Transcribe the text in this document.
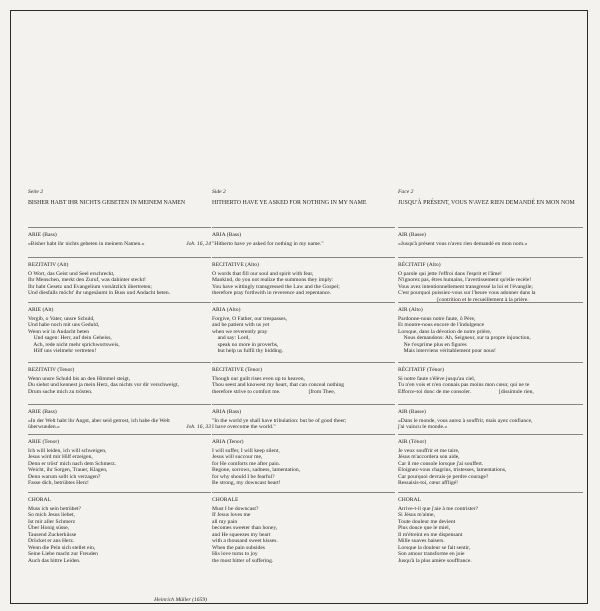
Seite 2

BISHER HABT IHR NICHTS GEBETEN IN MEINEM NAMEN

ARIE (Bass)

Joh. 16, 24
«Bisher habt ihr nichts gebeten in meinem Namen.»

REZITATIV (Alt)

O Wort, das Geist und Seel erschreckt,

Ihr Menschen, merkt den Zuruf, was dahinter steckt!

Ihr habt Gesetz und Evangelium vorsätzlich übertreten;

Und diesfalls möcht' ihr ungesäumt in Buss und Andacht beten.

ARIE (Alt)

Vergib, o Vater, unsre Schuld,

Und habe noch mit uns Geduld,

Wenn wir in Andacht beten

Und sagen: Herr, auf dein Geheiss,

Ach, rede nicht mehr sprichwortsweis,

Hilf uns vielmehr vertreten!

REZITATIV (Tenor)

Wenn unsre Schuld bis an den Himmel steigt,

Du siehst und kennest ja mein Herz, das nichts vor dir verschweigt,

Drum suche mich zu trösten.

ARIE (Bass)

«In der Welt habt ihr Angst, aber seid getrost, ich habe die Welt

Joh. 16, 33
überwunden.»

ARIE (Tenor)

Ich will leiden, ich will schweigen,

Jesus wird mir Hilf erzeigen,

Denn er tröst' mich nach dem Schmerz.

Weicht, ihr Sorgen, Trauer, Klagen,

Denn warum sollt ich verzagen?

Fasse dich, betrübtes Herz!

CHORAL

Muss ich sein betrübet?

So mich Jesus liebet,

Ist mir aller Schmerz

Über Honig süsse,

Tausend Zuckerküsse

Drücket er ans Herz.

Wenn die Pein sich stellet ein,

Seine Liebe macht zur Freuden

Auch das bittre Leiden.

Heinrich Müller (1659)

Side 2

HITHERTO HAVE YE ASKED FOR NOTHING IN MY NAME

ARIA (Bass)

"Hitherto have ye asked for nothing in my name."

RECITATIVE (Alto)

O words that fill our soul and spirit with fear,

Mankind, do you not realize the summons they imply:

You have wittingly transgressed the Law and the Gospel;

therefore pray forthwith in reverence and repentance.

ARIA (Alto)

Forgive, O Father, our trespasses,

and be patient with us yet

when we reverently pray

and say: Lord,

speak no more in proverbs,

but help us fulfil thy bidding.

RECITATIVE (Tenor)

Though our guilt rises even up to heaven,

Thou seest and knowest my heart, that can conceal nothing

therefore strive to comfort me.                    [from Thee,

ARIA (Bass)

"In the world ye shall have tribulation: but be of good theer;

I have overcome the world."

ARIA (Tenor)

I will suffer, I will keep silent,

Jesus will succour me,

for He comforts me after pain.

Begone, sorrows, sadness, lamentation,

for why should I be fearful?

Be strong, my downcast heart!

CHORALE

Must I be downcast?

If Jesus loves me

all my pain

becomes sweeter than honey,

and He squeezes my heart

with a thousand sweet kisses.

When the pain subsides

His love turns to joy

the most bitter of suffering.

Face 2

JUSQU'À PRÉSENT, VOUS N'AVEZ RIEN DEMANDÉ EN MON NOM

AIR (Basse)

«Jusqu'à présent vous n'avez rien demandé en mon nom.»

RÉCITATIF (Alto)

O parole qui jette l'effroi dans l'esprit et l'âme!

N'ignorez pas, êtres humains, l'avertissement qu'elle recèle!

Vous avez intentionnellement transgressé la loi et l'évangile;

C'est pourquoi puissiez-vous sur l'heure vous adonner dans la

[contrition et le recueillement à la prière.

AIR (Alto)

Pardonne-nous notre faute, ô Père,

Et montre-nous encore de l'indulgence

Lorsque, dans la dévotion de notre prière,

Nous demandons: Ah, Seigneur, sur ta propre injonction,

Ne t'exprime plus en figures

Mais interviens véritablement pour nous!

RÉCITATIF (Ténor)

Si notre faute s'élève jusqu'au ciel,

Tu n'en vois et n'en connais pas moins mon cœur, qui ne te

Efforce-toi donc de me consoler.                    [dissimule rien,

AIR (Basse)

«Dans le monde, vous aurez à souffrir, mais ayez confiance,

j'ai vaincu le monde.»

AIR (Ténor)

Je veux souffrir et me taire,

Jésus m'accordera son aide,

Car il me console lorsque j'ai souffert.

Eloignez-vous chagrins, tristesses, lamentations,

Car pourquoi devrais-je perdre courage?

Ressaisis-toi, cœur affligé!

CHORAL

Arrive-t-il que j'aie à me contrister?

Si Jésus m'aime,

Toute douleur me devient

Plus douce que le miel,

Il m'étreint en me dispensant

Mille suaves baisers.

Lorsque la douleur se fait sentir,

Son amour transforme en joie

Jusqu'à la plus amère souffrance.
